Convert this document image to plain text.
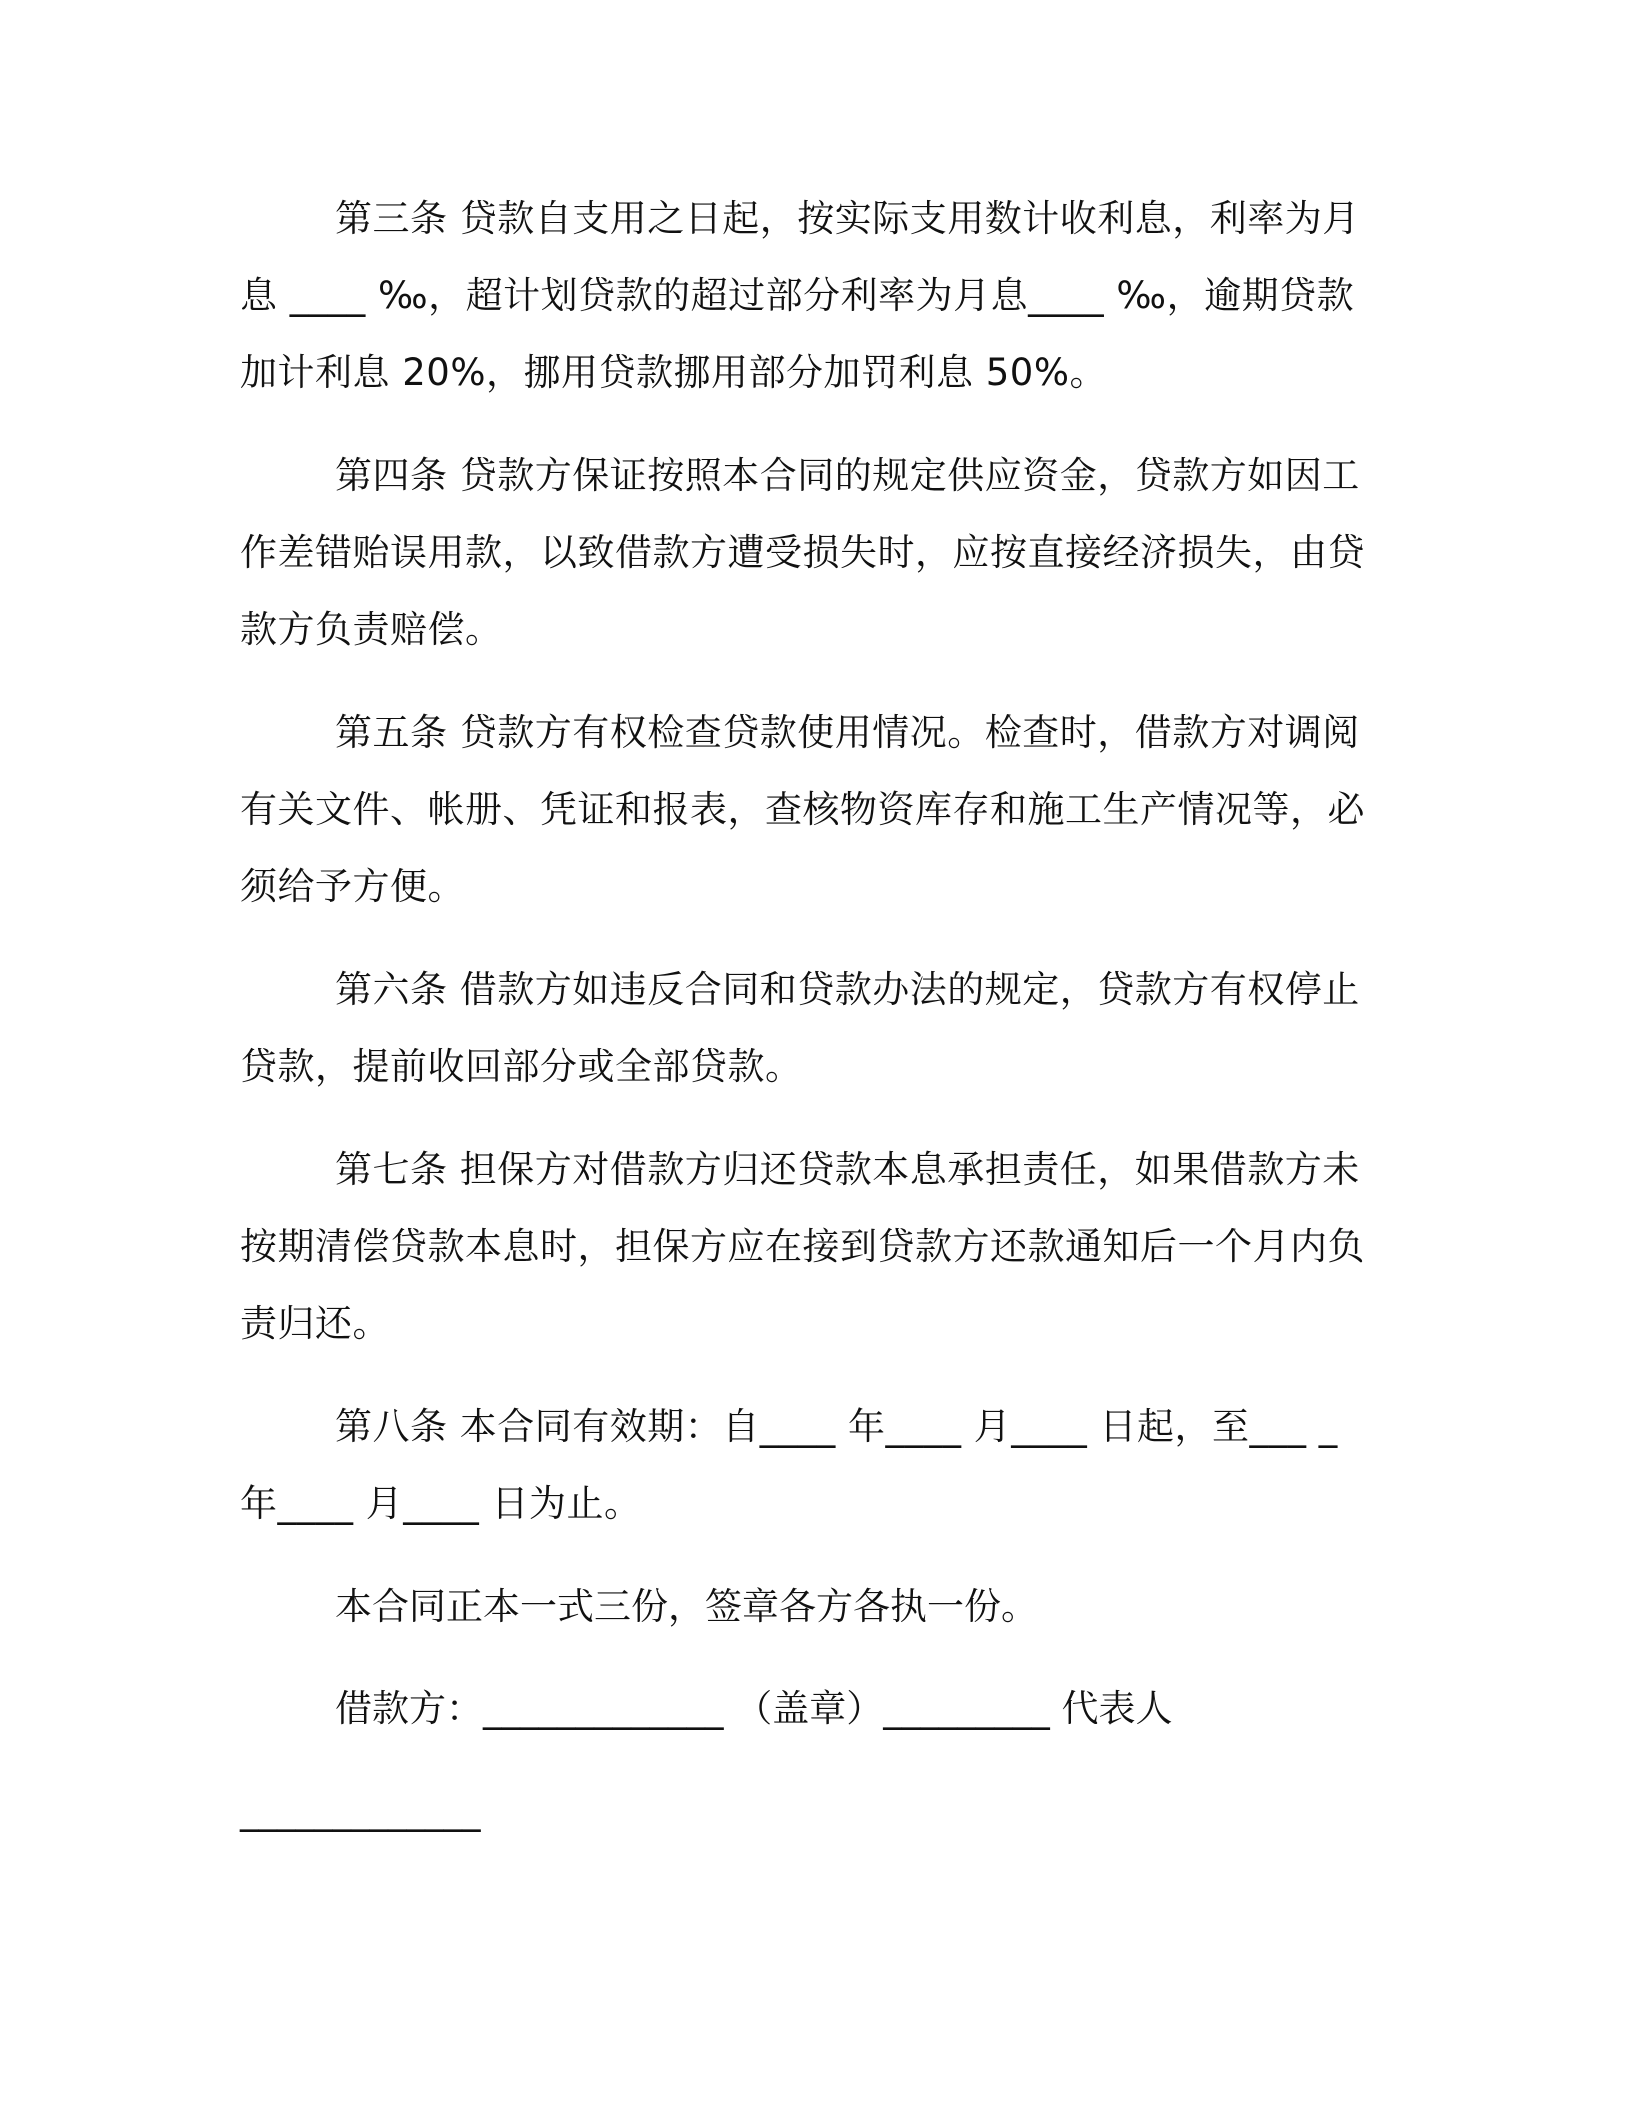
第三条 贷款自支用之日起，按实际支用数计收利息，利率为月息 ____ ‰，超计划贷款的超过部分利率为月息____ ‰，逾期贷款加计利息 20%，挪用贷款挪用部分加罚利息 50%。

第四条 贷款方保证按照本合同的规定供应资金，贷款方如因工作差错贻误用款，以致借款方遭受损失时，应按直接经济损失，由贷款方负责赔偿。

第五条 贷款方有权检查贷款使用情况。检查时，借款方对调阅有关文件、帐册、凭证和报表，查核物资库存和施工生产情况等，必须给予方便。

第六条 借款方如违反合同和贷款办法的规定，贷款方有权停止贷款，提前收回部分或全部贷款。

第七条 担保方对借款方归还贷款本息承担责任，如果借款方未按期清偿贷款本息时，担保方应在接到贷款方还款通知后一个月内负责归还。

第八条 本合同有效期：自____ 年____ 月____ 日起，至___ _ 年____ 月____ 日为止。

本合同正本一式三份，签章各方各执一份。

借款方：_____________ （盖章）_________ 代表人

_____________
